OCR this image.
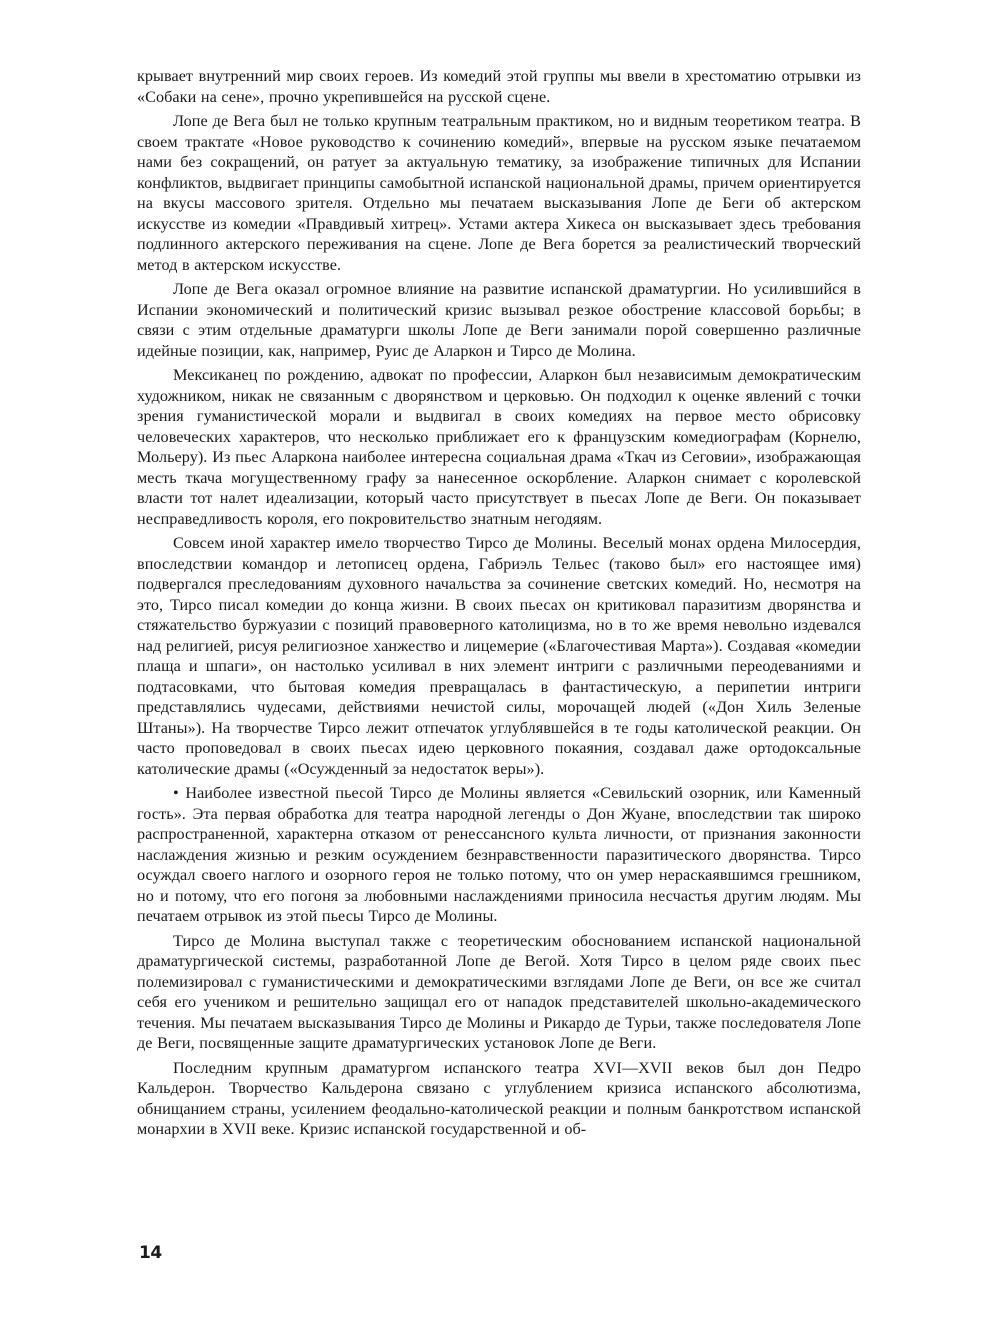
крывает внутренний мир своих героев. Из комедий этой группы мы ввели в хрестоматию отрывки из «Собаки на сене», прочно укрепившейся на русской сцене.

Лопе де Вега был не только крупным театральным практиком, но и видным теоретиком театра. В своем трактате «Новое руководство к сочинению комедий», впервые на русском языке печатаемом нами без сокращений, он ратует за актуальную тематику, за изображение типичных для Испании конфликтов, выдвигает принципы самобытной испанской национальной драмы, причем ориентируется на вкусы массового зрителя. Отдельно мы печатаем высказывания Лопе де Беги об актерском искусстве из комедии «Правдивый хитрец». Устами актера Хикеса он высказывает здесь требования подлинного актерского переживания на сцене. Лопе де Вега борется за реалистический творческий метод в актерском искусстве.

Лопе де Вега оказал огромное влияние на развитие испанской драматургии. Но усилившийся в Испании экономический и политический кризис вызывал резкое обострение классовой борьбы; в связи с этим отдельные драматурги школы Лопе де Веги занимали порой совершенно различные идейные позиции, как, например, Руис де Аларкон и Тирсо де Молина.

Мексиканец по рождению, адвокат по профессии, Аларкон был независимым демократическим художником, никак не связанным с дворянством и церковью. Он подходил к оценке явлений с точки зрения гуманистической морали и выдвигал в своих комедиях на первое место обрисовку человеческих характеров, что несколько приближает его к французским комедиографам (Корнелю, Мольеру). Из пьес Аларкона наиболее интересна социальная драма «Ткач из Сеговии», изображающая месть ткача могущественному графу за нанесенное оскорбление. Аларкон снимает с королевской власти тот налет идеализации, который часто присутствует в пьесах Лопе де Веги. Он показывает несправедливость короля, его покровительство знатным негодяям.

Совсем иной характер имело творчество Тирсо де Молины. Веселый монах ордена Милосердия, впоследствии командор и летописец ордена, Габриэль Тельес (таково был» его настоящее имя) подвергался преследованиям духовного начальства за сочинение светских комедий. Но, несмотря на это, Тирсо писал комедии до конца жизни. В своих пьесах он критиковал паразитизм дворянства и стяжательство буржуазии с позиций правоверного католицизма, но в то же время невольно издевался над религией, рисуя религиозное ханжество и лицемерие («Благочестивая Марта»). Создавая «комедии плаща и шпаги», он настолько усиливал в них элемент интриги с различными переодеваниями и подтасовками, что бытовая комедия превращалась в фантастическую, а перипетии интриги представлялись чудесами, действиями нечистой силы, морочащей людей («Дон Хиль Зеленые Штаны»). На творчестве Тирсо лежит отпечаток углублявшейся в те годы католической реакции. Он часто проповедовал в своих пьесах идею церковного покаяния, создавал даже ортодоксальные католические драмы («Осужденный за недостаток веры»).

• Наиболее известной пьесой Тирсо де Молины является «Севильский озорник, или Каменный гость». Эта первая обработка для театра народной легенды о Дон Жуане, впоследствии так широко распространенной, характерна отказом от ренессансного культа личности, от признания законности наслаждения жизнью и резким осуждением безнравственности паразитического дворянства. Тирсо осуждал своего наглого и озорного героя не только потому, что он умер нераскаявшимся грешником, но и потому, что его погоня за любовными наслаждениями приносила несчастья другим людям. Мы печатаем отрывок из этой пьесы Тирсо де Молины.

Тирсо де Молина выступал также с теоретическим обоснованием испанской национальной драматургической системы, разработанной Лопе де Вегой. Хотя Тирсо в целом ряде своих пьес полемизировал с гуманистическими и демократическими взглядами Лопе де Веги, он все же считал себя его учеником и решительно защищал его от нападок представителей школьно-академического течения. Мы печатаем высказывания Тирсо де Молины и Рикардо де Турьи, также последователя Лопе де Веги, посвященные защите драматургических установок Лопе де Веги.

Последним крупным драматургом испанского театра XVI—XVII веков был дон Педро Кальдерон. Творчество Кальдерона связано с углублением кризиса испанского абсолютизма, обнищанием страны, усилением феодально-католической реакции и полным банкротством испанской монархии в XVII веке. Кризис испанской государственной и об-

14
